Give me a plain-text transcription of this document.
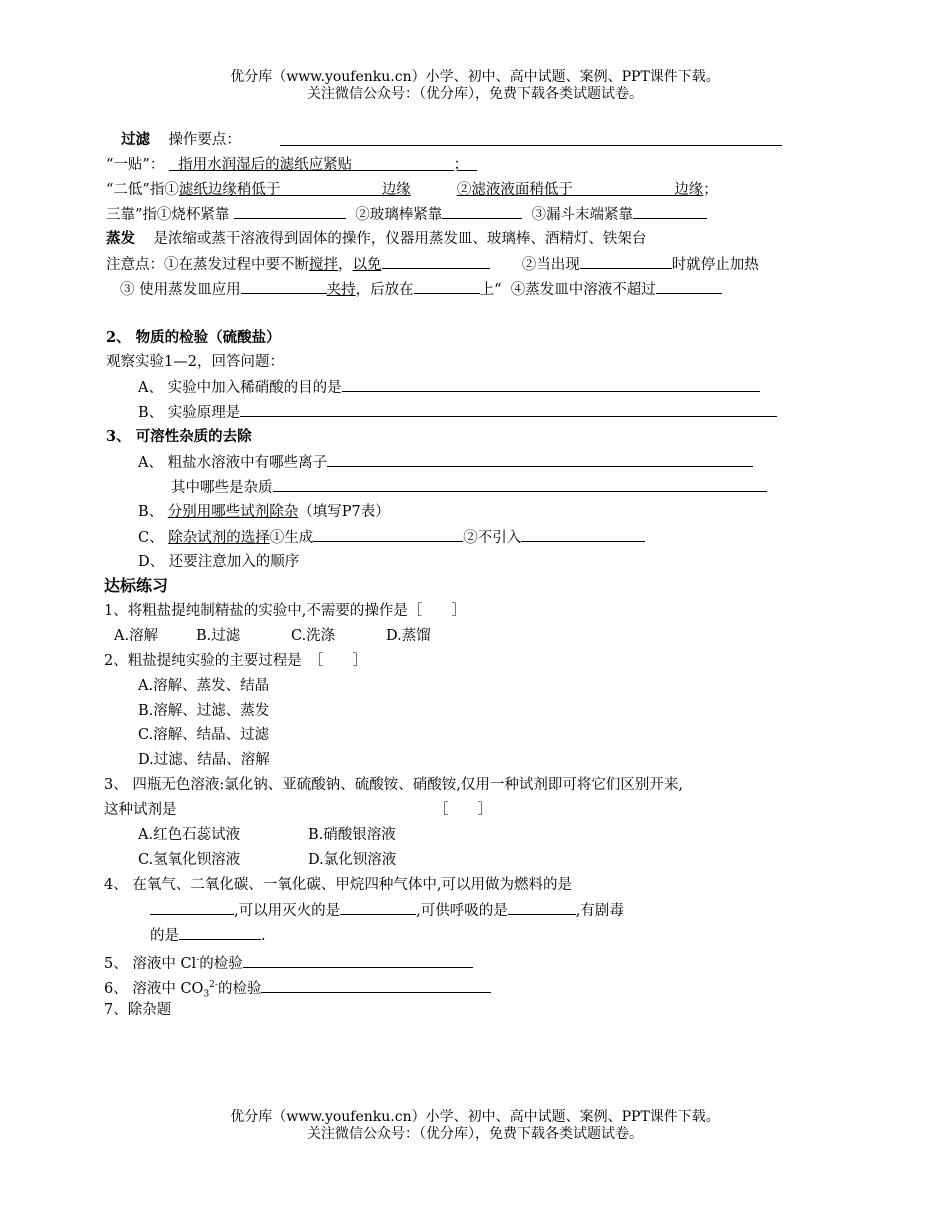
优分库（www.youfenku.cn）小学、初中、高中试题、案例、PPT课件下载。
关注微信公众号：（优分库），免费下载各类试题试卷。
过滤 操作要点：
“一贴”： 指用水润湿后的滤纸应紧贴	；
“二低”指①滤纸边缘稍低于	边缘	②滤液液面稍低于	边缘；
三靠”指①烧杯紧靠	②玻璃棒紧靠	③漏斗末端紧靠
蒸发 是浓缩或蒸干溶液得到固体的操作，仪器用蒸发皿、玻璃棒、酒精灯、铁架台
注意点：①在蒸发过程中要不断搅拌，以免	②当出现	时就停止加热
③ 使用蒸发皿应用	夹持，后放在	上“ ④蒸发皿中溶液不超过
2、 物质的检验（硫酸盐）
观察实验1—2，回答问题：
A、 实验中加入稀硝酸的目的是
B、 实验原理是
3、 可溶性杂质的去除
A、 粗盐水溶液中有哪些离子
其中哪些是杂质
B、 分别用哪些试剂除杂（填写P7表）
C、 除杂试剂的选择①生成	②不引入
D、 还要注意加入的顺序
达标练习
1、将粗盐提纯制精盐的实验中,不需要的操作是［　　］
A.溶解	B.过滤	C.洗涤	D.蒸馏
2、粗盐提纯实验的主要过程是　［　　］
A.溶解、蒸发、结晶
B.溶解、过滤、蒸发
C.溶解、结晶、过滤
D.过滤、结晶、溶解
3、 四瓶无色溶液:氯化钠、亚硫酸钠、硫酸铵、硝酸铵,仅用一种试剂即可将它们区别开来,
这种试剂是	［　　］
A.红色石蕊试液	B.硝酸银溶液
C.氢氧化钡溶液	D.氯化钡溶液
4、 在氧气、二氧化碳、一氧化碳、甲烷四种气体中,可以用做为燃料的是
,可以用灭火的是	,可供呼吸的是	,有剧毒
的是	.
5、 溶液中 Cl-的检验
6、 溶液中 $CO_3^{2-}$的检验
7、除杂题
优分库（www.youfenku.cn）小学、初中、高中试题、案例、PPT课件下载。
关注微信公众号：（优分库），免费下载各类试题试卷。
